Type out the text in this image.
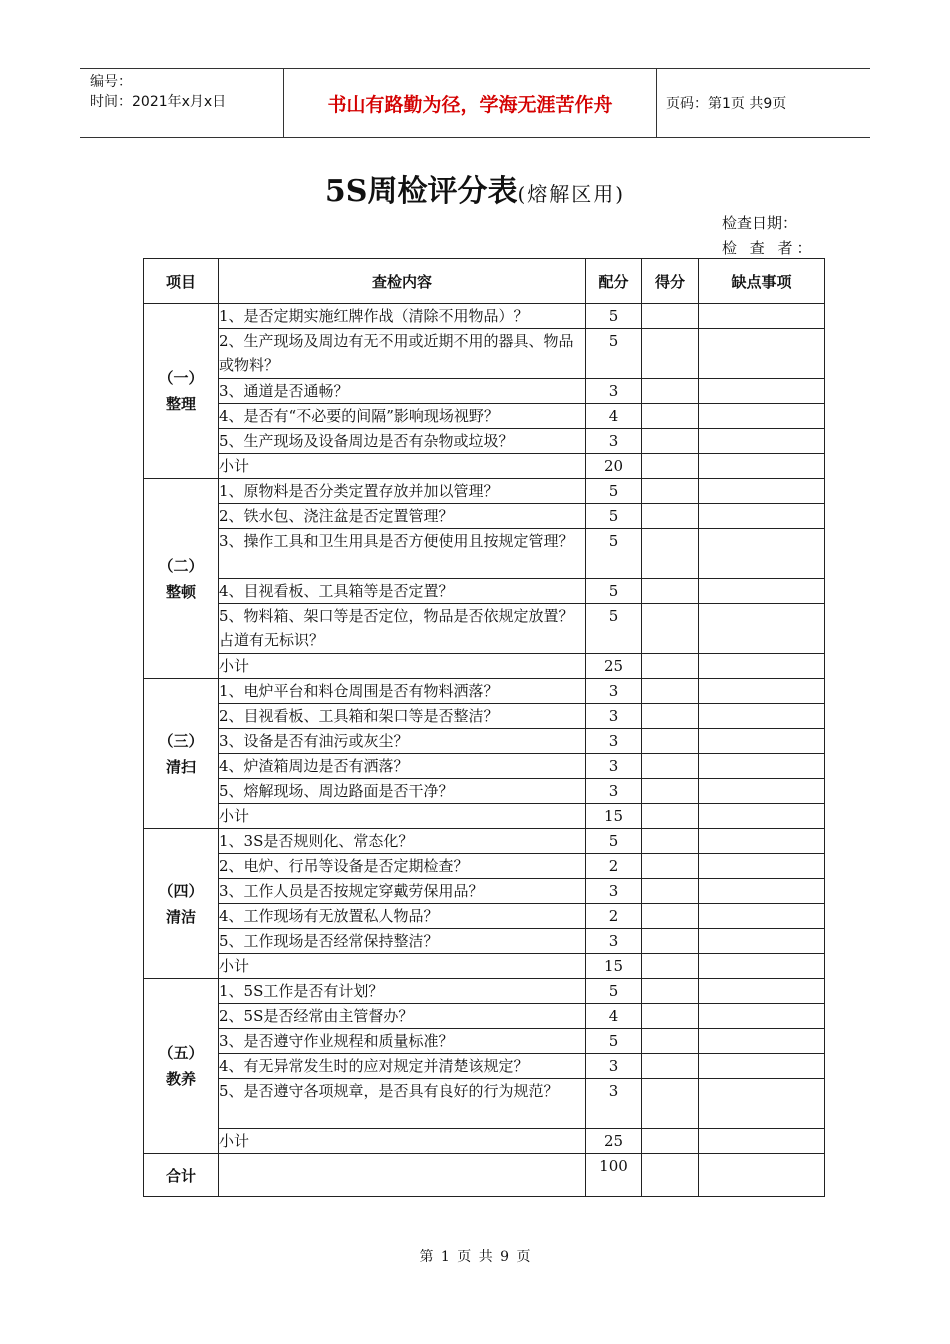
编号：
时间：2021年x月x日	书山有路勤为径，学海无涯苦作舟	页码：第1页 共9页
5S周检评分表(熔解区用)
检查日期：
检 查 者：
项目	查检内容	配分	得分	缺点事项

（一）
整理	1、是否定期实施红牌作战（清除不用物品）？	5		
	2、生产现场及周边有无不用或近期不用的器具、物品或物料？	5		
	3、通道是否通畅？	3		
	4、是否有“不必要的间隔”影响现场视野？	4		
	5、生产现场及设备周边是否有杂物或垃圾？	3		
	小计	20		

（二）
整顿	1、原物料是否分类定置存放并加以管理？	5		
	2、铁水包、浇注盆是否定置管理？	5		
	3、操作工具和卫生用具是否方便使用且按规定管理？	5		
	4、目视看板、工具箱等是否定置？	5		
	5、物料箱、架口等是否定位，物品是否依规定放置？占道有无标识？	5		
	小计	25		

（三）
清扫	1、电炉平台和料仓周围是否有物料洒落？	3		
	2、目视看板、工具箱和架口等是否整洁？	3		
	3、设备是否有油污或灰尘？	3		
	4、炉渣箱周边是否有洒落？	3		
	5、熔解现场、周边路面是否干净？	3		
	小计	15		

（四）
清洁	1、3S是否规则化、常态化？	5		
	2、电炉、行吊等设备是否定期检查？	2		
	3、工作人员是否按规定穿戴劳保用品？	3		
	4、工作现场有无放置私人物品？	2		
	5、工作现场是否经常保持整洁？	3		
	小计	15		

（五）
教养	1、5S工作是否有计划？	5		
	2、5S是否经常由主管督办？	4		
	3、是否遵守作业规程和质量标准？	5		
	4、有无异常发生时的应对规定并清楚该规定？	3		
	5、是否遵守各项规章，是否具有良好的行为规范？	3		
	小计	25		
合计		100		
第 1 页 共 9 页
